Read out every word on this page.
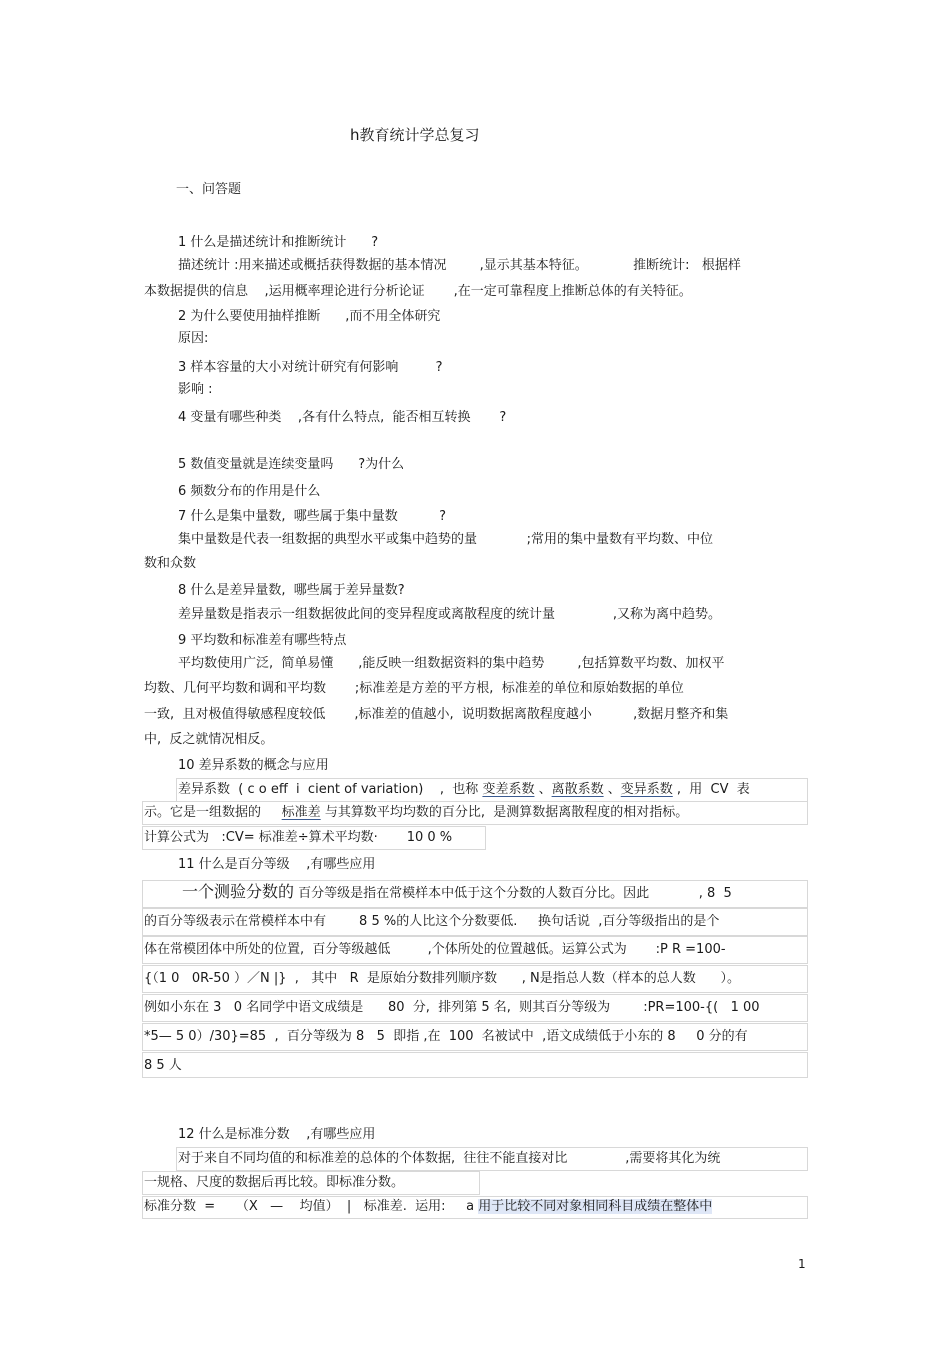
h教育统计学总复习
一、问答题
1 什么是描述统计和推断统计      ?
描述统计 :用来描述或概括获得数据的基本情况        ,显示其基本特征。           推断统计:   根据样
本数据提供的信息    ,运用概率理论进行分析论证       ,在一定可靠程度上推断总体的有关特征。
2 为什么要使用抽样推断      ,而不用全体研究
原因:
3 样本容量的大小对统计研究有何影响         ?
影响 :
4 变量有哪些种类    ,各有什么特点,  能否相互转换       ?
5 数值变量就是连续变量吗      ?为什么
6 频数分布的作用是什么
7 什么是集中量数,  哪些属于集中量数          ?
集中量数是代表一组数据的典型水平或集中趋势的量            ;常用的集中量数有平均数、中位
数和众数
8 什么是差异量数,  哪些属于差异量数?
差异量数是指表示一组数据彼此间的变异程度或离散程度的统计量              ,又称为离中趋势。
9 平均数和标准差有哪些特点
平均数使用广泛,  简单易懂      ,能反映一组数据资料的集中趋势        ,包括算数平均数、加权平
均数、几何平均数和调和平均数       ;标准差是方差的平方根,  标准差的单位和原始数据的单位
一致,  且对极值得敏感程度较低       ,标准差的值越小,  说明数据离散程度越小          ,数据月整齐和集
中,  反之就情况相反。
10 差异系数的概念与应用
差异系数  ( c o eff  i  cient of variation)    ,  也称 变差系数 、离散系数 、变异系数 ,  用  CV  表
示。它是一组数据的     标准差 与其算数平均均数的百分比,  是测算数据离散程度的相对指标。
计算公式为   :CV= 标准差÷算术平均数·       10 0 %
11 什么是百分等级    ,有哪些应用
一个测验分数的 百分等级是指在常模样本中低于这个分数的人数百分比。因此            , 8  5
的百分等级表示在常模样本中有        8 5 %的人比这个分数要低.     换句话说  ,百分等级指出的是个
体在常模团体中所处的位置,  百分等级越低         ,个体所处的位置越低。运算公式为       :P R =100-
{（1 0   0R-50 ）／N |}  ,   其中   R  是原始分数排列顺序数      , N是指总人数（样本的总人数      ）。
例如小东在 3   0 名同学中语文成绩是      80  分,  排列第 5 名,  则其百分等级为        :PR=100-{(   1 00
*5— 5 0）/30}=85  ,  百分等级为 8   5  即指 ,在  100  名被试中  ,语文成绩低于小东的 8     0 分的有
8 5 人
12 什么是标准分数    ,有哪些应用
对于来自不同均值的和标准差的总体的个体数据,  往往不能直接对比              ,需要将其化为统
一规格、尺度的数据后再比较。即标准分数。
标准分数  =     （X   —    均值）  |   标准差.  运用:     a 用于比较不同对象相同科目成绩在整体中
1
